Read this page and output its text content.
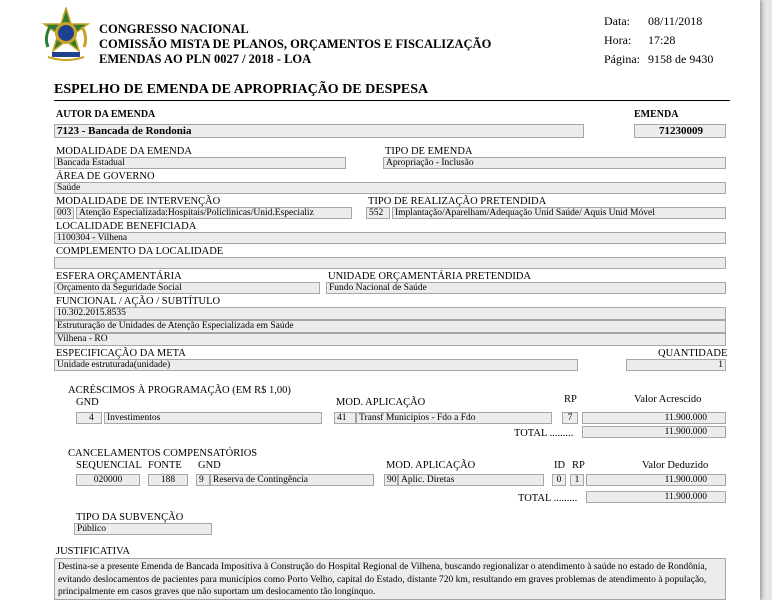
CONGRESSO NACIONAL
COMISSÃO MISTA DE PLANOS, ORÇAMENTOS E FISCALIZAÇÃO
EMENDAS AO PLN 0027 / 2018 - LOA
Data: 08/11/2018
Hora: 17:28
Página: 9158 de 9430
ESPELHO DE EMENDA DE APROPRIAÇÃO DE DESPESA
AUTOR DA EMENDA
7123 - Bancada de Rondonia
EMENDA
71230009
MODALIDADE DA EMENDA
Bancada Estadual
TIPO DE EMENDA
Apropriação - Inclusão
ÁREA DE GOVERNO
Saúde
MODALIDADE DE INTERVENÇÃO
003 Atenção Especializada:Hospitais/Policlinicas/Unid.Especializ
TIPO DE REALIZAÇÃO PRETENDIDA
552	Implantação/Aparelham/Adequação Unid Saúde/ Aquis Unid Móvel
LOCALIDADE BENEFICIADA
1100304 - Vilhena
COMPLEMENTO DA LOCALIDADE
ESFERA ORÇAMENTÁRIA
Orçamento da Seguridade Social
UNIDADE ORÇAMENTÁRIA PRETENDIDA
Fundo Nacional de Saúde
FUNCIONAL / AÇÃO / SUBTÍTULO
10.302.2015.8535
Estruturação de Unidades de Atenção Especializada em Saúde
Vilhena - RO
ESPECIFICAÇÃO DA META
Unidade estruturada(unidade)
QUANTIDADE
1
ACRÉSCIMOS À PROGRAMAÇÃO (EM R$ 1,00)
GND	MOD. APLICAÇÃO	RP	Valor Acrescido
4	Investimentos	41	Transf Municípios - Fdo a Fdo	7	11.900.000
TOTAL .........	11.900.000
CANCELAMENTOS COMPENSATÓRIOS
SEQUENCIAL FONTE GND	MOD. APLICAÇÃO	ID RP	Valor Deduzido
020000	188	9 Reserva de Contingência	90 Aplic. Diretas	0	1	11.900.000
TOTAL .........	11.900.000
TIPO DA SUBVENÇÃO
Público
JUSTIFICATIVA
Destina-se a presente Emenda de Bancada Impositiva à Construção do Hospital Regional de Vilhena, buscando regionalizar o atendimento à saúde no estado de Rondônia, evitando deslocamentos de pacientes para municípios como Porto Velho, capital do Estado, distante 720 km, resultando em graves problemas de atendimento à população, principalmente em casos graves que não suportam um deslocamento tão longínquo.
